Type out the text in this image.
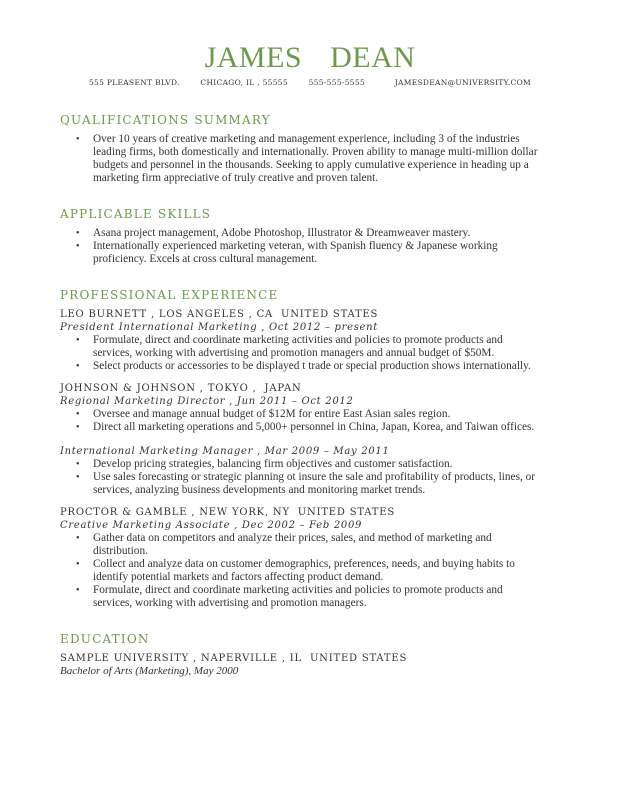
JAMES  DEAN
555 PLEASENT BLVD.	CHICAGO, IL , 55555	555-555-5555	JAMESDEAN@UNIVERSITY.COM
QUALIFICATIONS SUMMARY
• Over 10 years of creative marketing and management experience, including 3 of the industries leading firms, both domestically and internationally. Proven ability to manage multi-million dollar budgets and personnel in the thousands. Seeking to apply cumulative experience in heading up a marketing firm appreciative of truly creative and proven talent.
APPLICABLE SKILLS
• Asana project management, Adobe Photoshop, Illustrator & Dreamweaver mastery.
• Internationally experienced marketing veteran, with Spanish fluency & Japanese working proficiency. Excels at cross cultural management.
PROFESSIONAL EXPERIENCE
LEO BURNETT , LOS ANGELES , CA  UNITED STATES
President International Marketing , Oct 2012 – present
• Formulate, direct and coordinate marketing activities and policies to promote products and services, working with advertising and promotion managers and annual budget of $50M.
• Select products or accessories to be displayed t trade or special production shows internationally.
JOHNSON & JOHNSON , TOKYO ,  JAPAN
Regional Marketing Director , Jun 2011 – Oct 2012
• Oversee and manage annual budget of $12M for entire East Asian sales region.
• Direct all marketing operations and 5,000+ personnel in China, Japan, Korea, and Taiwan offices.
International Marketing Manager , Mar 2009 – May 2011
• Develop pricing strategies, balancing firm objectives and customer satisfaction.
• Use sales forecasting or strategic planning ot insure the sale and profitability of products, lines, or services, analyzing business developments and monitoring market trends.
PROCTOR & GAMBLE , NEW YORK, NY  UNITED STATES
Creative Marketing Associate , Dec 2002 – Feb 2009
• Gather data on competitors and analyze their prices, sales, and method of marketing and distribution.
• Collect and analyze data on customer demographics, preferences, needs, and buying habits to identify potential markets and factors affecting product demand.
• Formulate, direct and coordinate marketing activities and policies to promote products and services, working with advertising and promotion managers.
EDUCATION
SAMPLE UNIVERSITY , NAPERVILLE , IL  UNITED STATES
Bachelor of Arts (Marketing), May 2000
